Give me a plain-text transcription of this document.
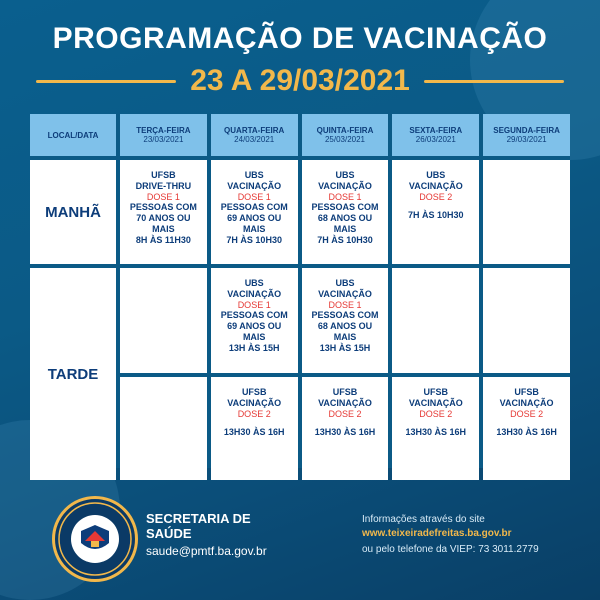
PROGRAMAÇÃO DE VACINAÇÃO
23 A 29/03/2021
LOCAL/DATA
MANHÃ
TARDE
TERÇA-FEIRA
23/03/2021
QUARTA-FEIRA
24/03/2021
QUINTA-FEIRA
25/03/2021
SEXTA-FEIRA
26/03/2021
SEGUNDA-FEIRA
29/03/2021
UFSB
DRIVE-THRU
DOSE 1
PESSOAS COM
70 ANOS OU
MAIS
8H ÀS 11H30
UBS
VACINAÇÃO
DOSE 1
PESSOAS COM
69 ANOS OU
MAIS
7H ÀS 10H30
UBS
VACINAÇÃO
DOSE 1
PESSOAS COM
68 ANOS OU
MAIS
7H ÀS 10H30
UBS
VACINAÇÃO
DOSE 2
7H ÀS 10H30
UBS
VACINAÇÃO
DOSE 1
PESSOAS COM
69 ANOS OU
MAIS
13H ÀS 15H
UBS
VACINAÇÃO
DOSE 1
PESSOAS COM
68 ANOS OU
MAIS
13H ÀS 15H
UFSB
VACINAÇÃO
DOSE 2
13H30 ÀS 16H
UFSB
VACINAÇÃO
DOSE 2
13H30 ÀS 16H
UFSB
VACINAÇÃO
DOSE 2
13H30 ÀS 16H
UFSB
VACINAÇÃO
DOSE 2
13H30 ÀS 16H
SECRETARIA DE
SAÚDE
saude@pmtf.ba.gov.br
Informações através do site
www.teixeiradefreitas.ba.gov.br
ou pelo telefone da VIEP: 73 3011.2779
